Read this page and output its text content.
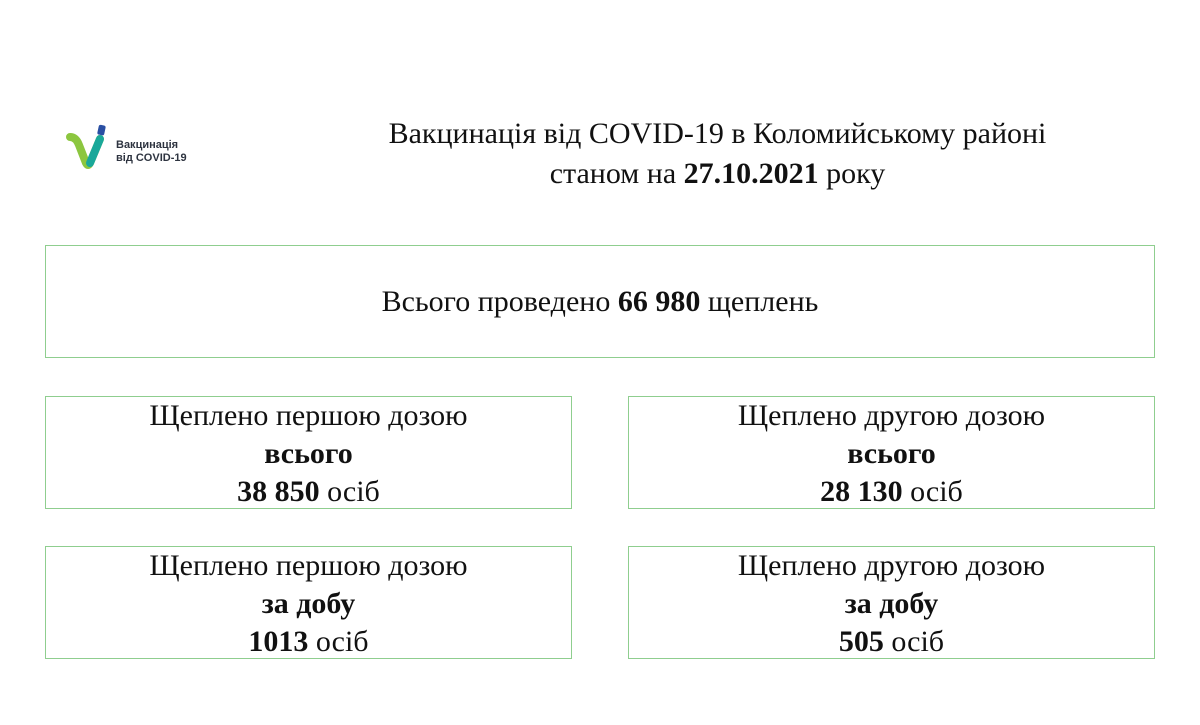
Вакцинація
від COVID-19
Вакцинація від COVID-19 в Коломийському районі
станом на 27.10.2021 року
Всього проведено 66 980 щеплень
Щеплено першою дозою
всього
38 850 осіб
Щеплено другою дозою
всього
28 130 осіб
Щеплено першою дозою
за добу
1013 осіб
Щеплено другою дозою
за добу
505 осіб
